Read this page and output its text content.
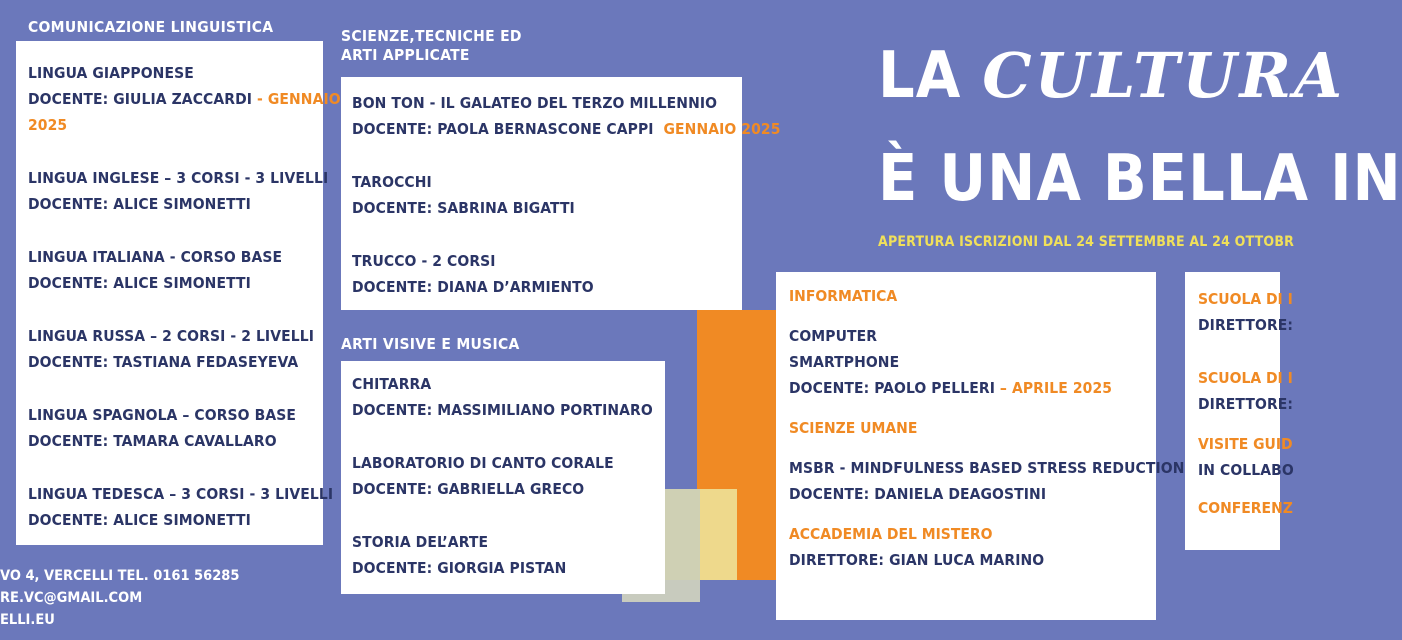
COMUNICAZIONE LINGUISTICA
LINGUA GIAPPONESE
DOCENTE: GIULIA ZACCARDI - GENNAIO
2025
LINGUA INGLESE – 3 CORSI - 3 LIVELLI
DOCENTE: ALICE SIMONETTI
LINGUA ITALIANA - CORSO BASE
DOCENTE: ALICE SIMONETTI
LINGUA RUSSA – 2 CORSI - 2 LIVELLI
DOCENTE: TASTIANA FEDASEYEVA
LINGUA SPAGNOLA – CORSO BASE
DOCENTE: TAMARA CAVALLARO
LINGUA TEDESCA – 3 CORSI - 3 LIVELLI
DOCENTE: ALICE SIMONETTI
SCIENZE,TECNICHE ED
ARTI APPLICATE
BON TON - IL GALATEO DEL TERZO MILLENNIO
DOCENTE: PAOLA BERNASCONE CAPPI GENNAIO 2025
TAROCCHI
DOCENTE: SABRINA BIGATTI
TRUCCO - 2 CORSI
DOCENTE: DIANA D’ARMIENTO
ARTI VISIVE E MUSICA
CHITARRA
DOCENTE: MASSIMILIANO PORTINARO
LABORATORIO DI CANTO CORALE
DOCENTE: GABRIELLA GRECO
STORIA DEL’ARTE
DOCENTE: GIORGIA PISTAN
LA CULTURA
È UNA BELLA IN
APERTURA ISCRIZIONI DAL 24 SETTEMBRE AL 24 OTTOBR
INFORMATICA
COMPUTER
SMARTPHONE
DOCENTE: PAOLO PELLERI – APRILE 2025
SCIENZE UMANE
MSBR - MINDFULNESS BASED STRESS REDUCTION
DOCENTE: DANIELA DEAGOSTINI
ACCADEMIA DEL MISTERO
DIRETTORE: GIAN LUCA MARINO
SCUOLA DI I
DIRETTORE:
SCUOLA DI I
DIRETTORE:
VISITE GUID
IN COLLABO
CONFERENZ
VO 4, VERCELLI TEL. 0161 56285
RE.VC@GMAIL.COM
ELLI.EU
